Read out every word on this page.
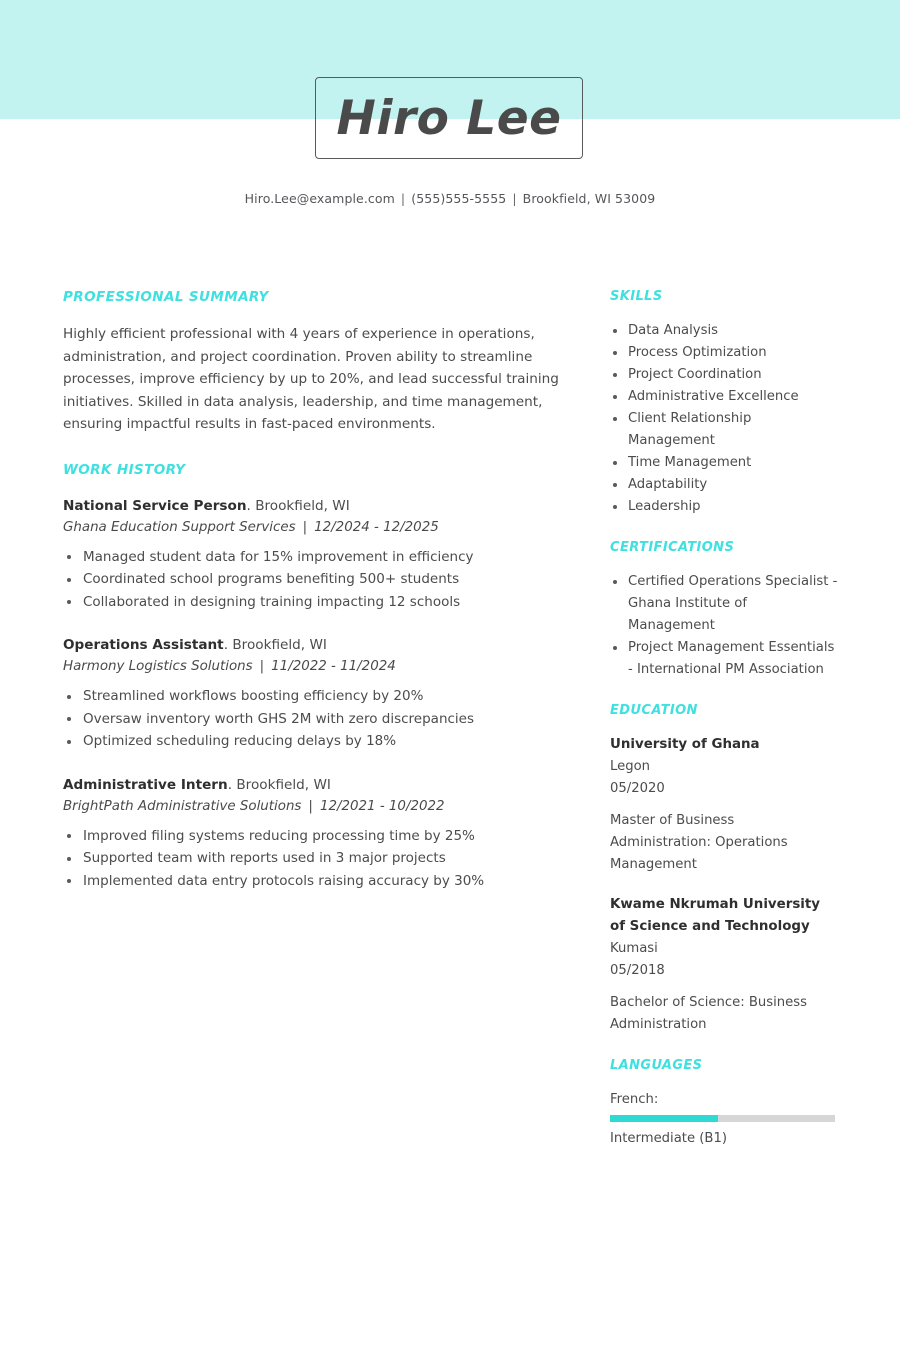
Hiro Lee
Hiro.Lee@example.com | (555)555-5555 | Brookfield, WI 53009
PROFESSIONAL SUMMARY

Highly efficient professional with 4 years of experience in operations, administration, and project coordination. Proven ability to streamline processes, improve efficiency by up to 20%, and lead successful training initiatives. Skilled in data analysis, leadership, and time management, ensuring impactful results in fast-paced environments.

WORK HISTORY
National Service Person. Brookfield, WI
Ghana Education Support Services | 12/2024 - 12/2025
Managed student data for 15% improvement in efficiency
Coordinated school programs benefiting 500+ students
Collaborated in designing training impacting 12 schools
Operations Assistant. Brookfield, WI
Harmony Logistics Solutions | 11/2022 - 11/2024
Streamlined workflows boosting efficiency by 20%
Oversaw inventory worth GHS 2M with zero discrepancies
Optimized scheduling reducing delays by 18%
Administrative Intern. Brookfield, WI
BrightPath Administrative Solutions | 12/2021 - 10/2022
Improved filing systems reducing processing time by 25%
Supported team with reports used in 3 major projects
Implemented data entry protocols raising accuracy by 30%
SKILLS
Data Analysis
Process Optimization
Project Coordination
Administrative Excellence
Client Relationship Management
Time Management
Adaptability
Leadership
CERTIFICATIONS
Certified Operations Specialist - Ghana Institute of Management
Project Management Essentials - International PM Association
EDUCATION
University of Ghana
Legon
05/2020
Master of Business Administration: Operations Management
Kwame Nkrumah University of Science and Technology
Kumasi
05/2018
Bachelor of Science: Business Administration
LANGUAGES
French:
Intermediate (B1)
